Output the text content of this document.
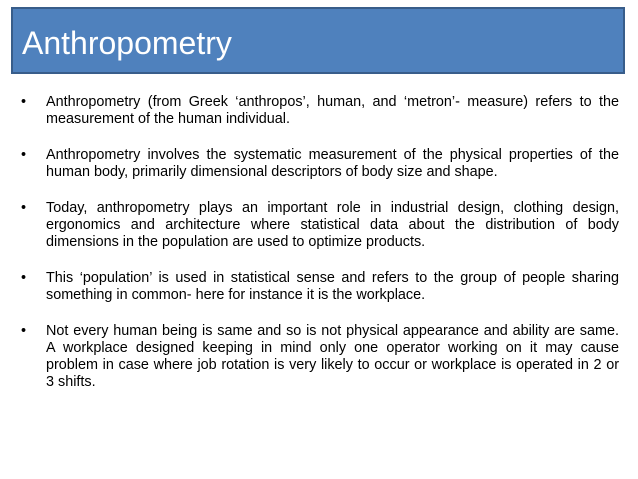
Anthropometry
•	Anthropometry (from Greek ‘anthropos’, human, and ‘metron’- measure) refers to the measurement of the human individual.
•	Anthropometry involves the systematic measurement of the physical properties of the human body, primarily dimensional descriptors of body size and shape.
•	Today, anthropometry plays an important role in industrial design, clothing design, ergonomics and architecture where statistical data about the distribution of body dimensions in the population are used to optimize products.
•	This ‘population’ is used in statistical sense and refers to the group of people sharing something in common- here for instance it is the workplace.
•	Not every human being is same and so is not physical appearance and ability are same. A workplace designed keeping in mind only one operator working on it may cause problem in case where job rotation is very likely to occur or workplace is operated in 2 or 3 shifts.
